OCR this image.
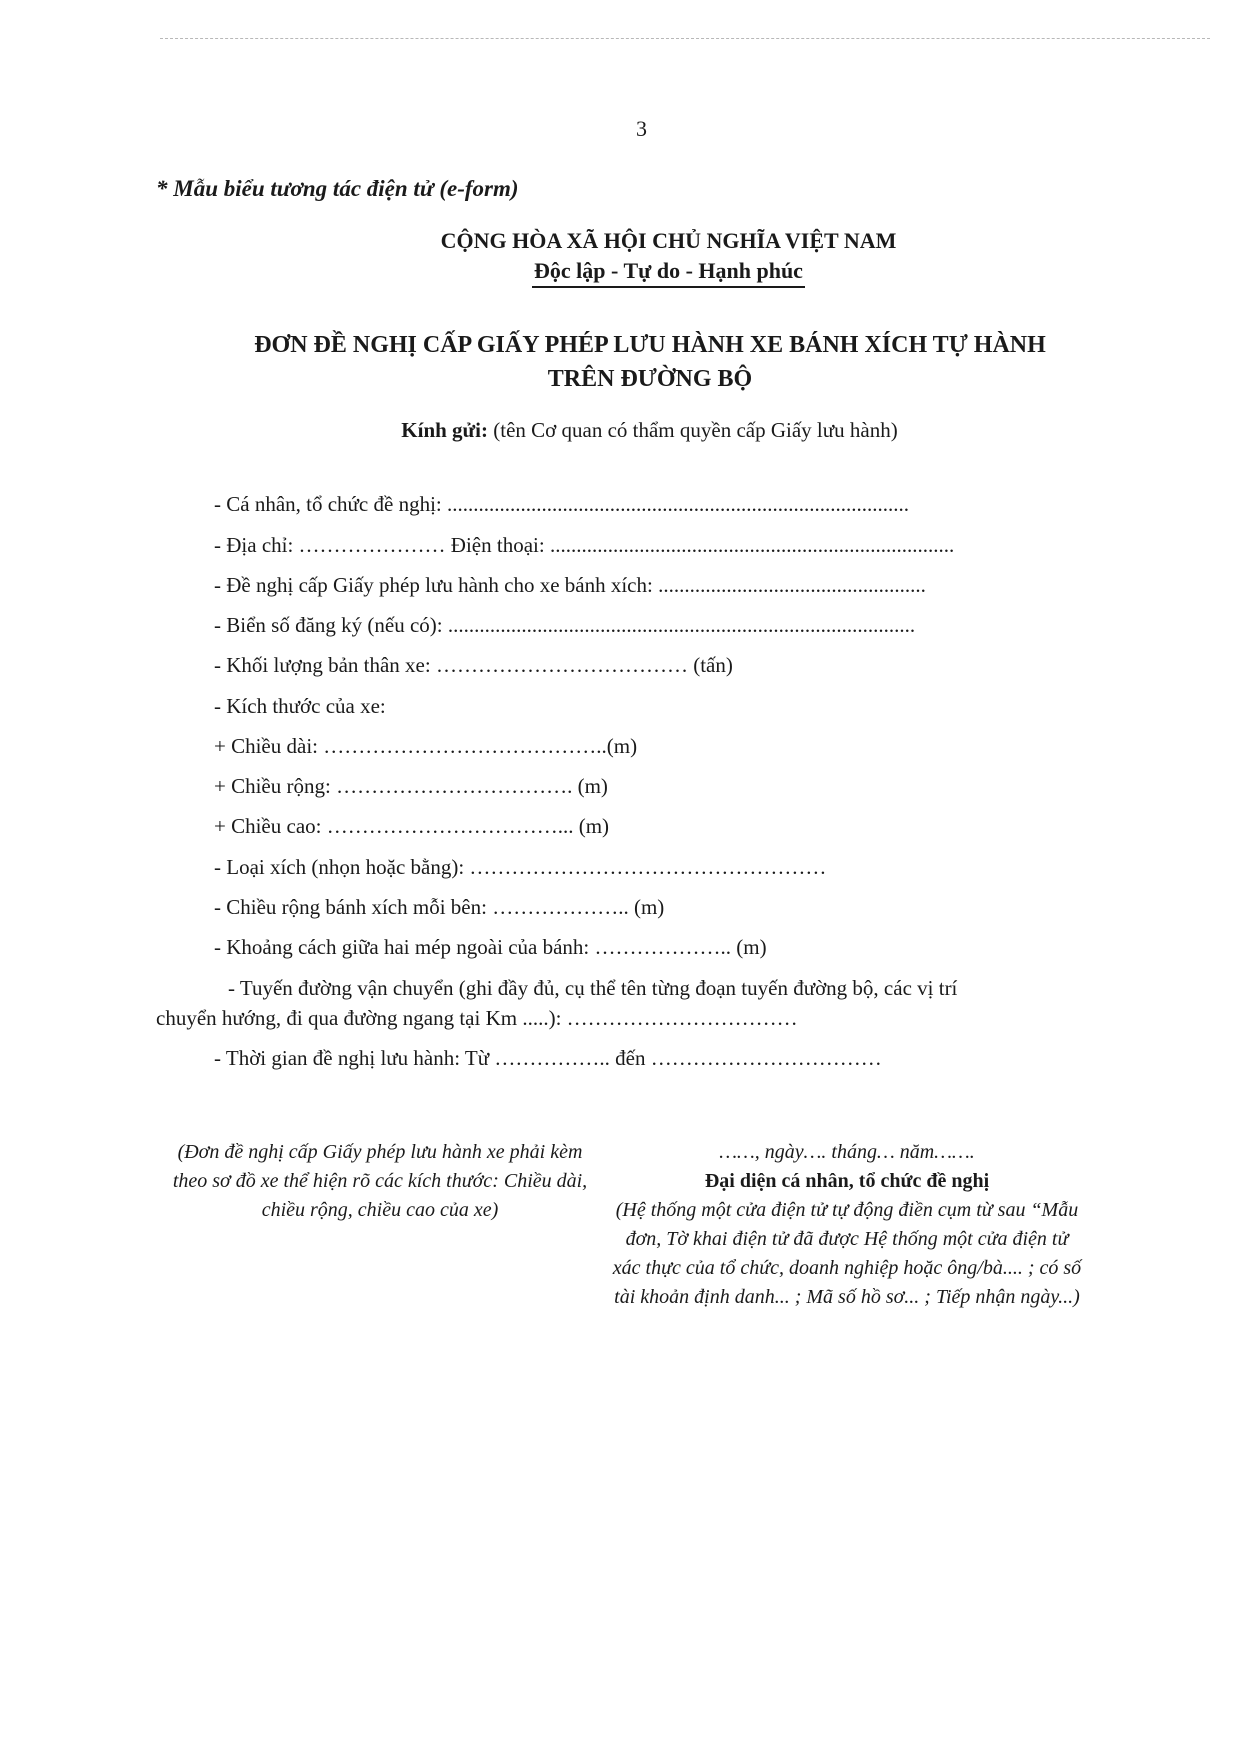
3
* Mẫu biểu tương tác điện tử (e-form)
CỘNG HÒA XÃ HỘI CHỦ NGHĨA VIỆT NAM
Độc lập - Tự do - Hạnh phúc
ĐƠN ĐỀ NGHỊ CẤP GIẤY PHÉP LƯU HÀNH XE BÁNH XÍCH TỰ HÀNH
TRÊN ĐƯỜNG BỘ
Kính gửi: (tên Cơ quan có thẩm quyền cấp Giấy lưu hành)
- Cá nhân, tổ chức đề nghị: ........................................................................................
- Địa chỉ: ………………… Điện thoại: .............................................................................
- Đề nghị cấp Giấy phép lưu hành cho xe bánh xích: ...................................................
- Biển số đăng ký (nếu có): .........................................................................................
- Khối lượng bản thân xe: ……………………………… (tấn)
- Kích thước của xe:
+ Chiều dài: …………………………………..(m)
+ Chiều rộng: ……………………………. (m)
+ Chiều cao: ……………………………... (m)
- Loại xích (nhọn hoặc bằng): ……………………………………………
- Chiều rộng bánh xích mỗi bên: ……………….. (m)
- Khoảng cách giữa hai mép ngoài của bánh: ……………….. (m)
- Tuyến đường vận chuyển (ghi đầy đủ, cụ thể tên từng đoạn tuyến đường bộ, các vị trí
chuyển hướng, đi qua đường ngang tại Km .....): ……………………………
- Thời gian đề nghị lưu hành: Từ …………….. đến ……………………………
(Đơn đề nghị cấp Giấy phép lưu hành xe phải kèm theo sơ đồ xe thể hiện rõ các kích thước: Chiều dài, chiều rộng, chiều cao của xe)
……, ngày…. tháng… năm…….
Đại diện cá nhân, tổ chức đề nghị
(Hệ thống một cửa điện tử tự động điền cụm từ sau “Mẫu đơn, Tờ khai điện tử đã được Hệ thống một cửa điện tử xác thực của tổ chức, doanh nghiệp hoặc ông/bà.... ; có số tài khoản định danh... ; Mã số hồ sơ... ; Tiếp nhận ngày...)
